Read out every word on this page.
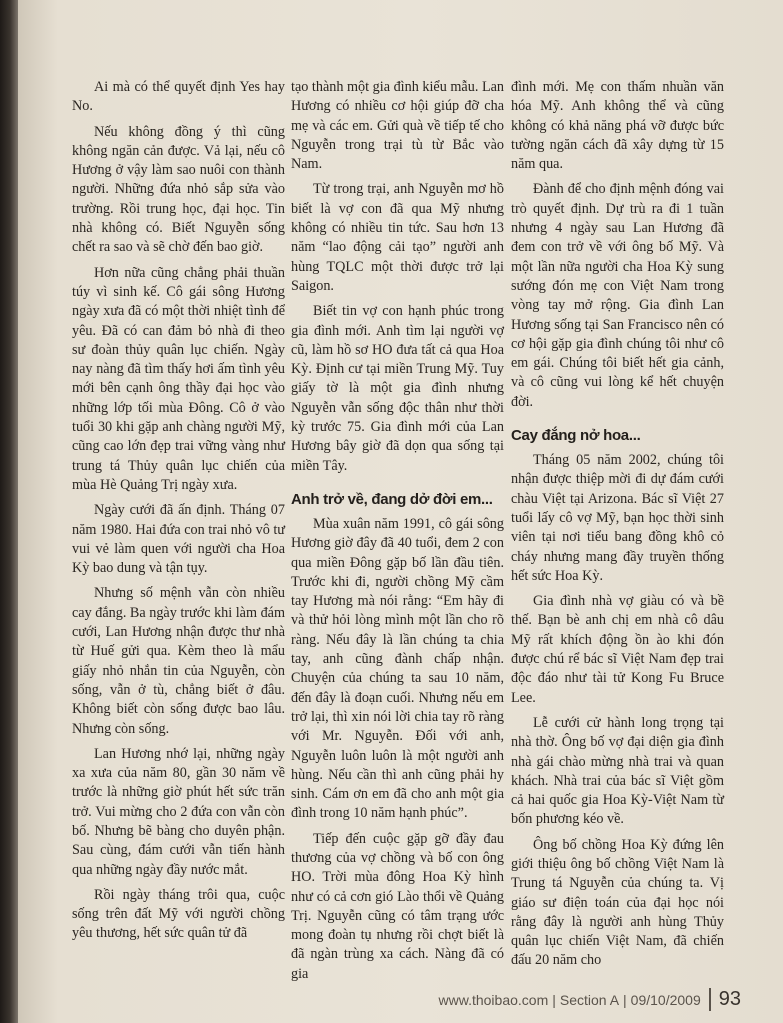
Ai mà có thể quyết định Yes hay No.

Nếu không đồng ý thì cũng không ngăn cản được. Vả lại, nếu cô Hương ở vậy làm sao nuôi con thành người. Những đứa nhỏ sắp sửa vào trường. Rồi trung học, đại học. Tin nhà không có. Biết Nguyễn sống chết ra sao và sẽ chờ đến bao giờ.

Hơn nữa cũng chẳng phải thuần túy vì sinh kế. Cô gái sông Hương ngày xưa đã có một thời nhiệt tình để yêu. Đã có can đảm bỏ nhà đi theo sư đoàn thủy quân lục chiến. Ngày nay nàng đã tìm thấy hơi ấm tình yêu mới bên cạnh ông thầy đại học vào những lớp tối mùa Đông. Cô ở vào tuổi 30 khi gặp anh chàng người Mỹ, cũng cao lớn đẹp trai vững vàng như trung tá Thủy quân lục chiến của mùa Hè Quảng Trị ngày xưa.

Ngày cưới đã ấn định. Tháng 07 năm 1980. Hai đứa con trai nhỏ vô tư vui vẻ làm quen với người cha Hoa Kỳ bao dung và tận tụy.

Nhưng số mệnh vẫn còn nhiều cay đắng. Ba ngày trước khi làm đám cưới, Lan Hương nhận được thư nhà từ Huế gửi qua. Kèm theo là mẩu giấy nhỏ nhắn tin của Nguyễn, còn sống, vẫn ở tù, chẳng biết ở đâu. Không biết còn sống được bao lâu. Nhưng còn sống.

Lan Hương nhớ lại, những ngày xa xưa của năm 80, gần 30 năm về trước là những giờ phút hết sức trăn trở. Vui mừng cho 2 đứa con vẫn còn bố. Nhưng bẽ bàng cho duyên phận. Sau cùng, đám cưới vẫn tiến hành qua những ngày đầy nước mắt.

Rồi ngày tháng trôi qua, cuộc sống trên đất Mỹ với người chồng yêu thương, hết sức quân tử đã

tạo thành một gia đình kiểu mẫu. Lan Hương có nhiều cơ hội giúp đỡ cha mẹ và các em. Gửi quà về tiếp tế cho Nguyễn trong trại tù từ Bắc vào Nam.

Từ trong trại, anh Nguyễn mơ hồ biết là vợ con đã qua Mỹ nhưng không có nhiều tin tức. Sau hơn 13 năm “lao động cải tạo” người anh hùng TQLC một thời được trở lại Saigon.

Biết tin vợ con hạnh phúc trong gia đình mới. Anh tìm lại người vợ cũ, làm hồ sơ HO đưa tất cả qua Hoa Kỳ. Định cư tại miền Trung Mỹ. Tuy giấy tờ là một gia đình nhưng Nguyễn vẫn sống độc thân như thời kỳ trước 75. Gia đình mới của Lan Hương bây giờ đã dọn qua sống tại miền Tây.

Anh trở về, đang dở đời em...

Mùa xuân năm 1991, cô gái sông Hương giờ đây đã 40 tuổi, đem 2 con qua miền Đông gặp bố lần đầu tiên. Trước khi đi, người chồng Mỹ cầm tay Hương mà nói rằng: “Em hãy đi và thử hỏi lòng mình một lần cho rõ ràng. Nếu đây là lần chúng ta chia tay, anh cũng đành chấp nhận. Chuyện của chúng ta sau 10 năm, đến đây là đoạn cuối. Nhưng nếu em trở lại, thì xin nói lời chia tay rõ ràng với Mr. Nguyễn. Đối với anh, Nguyễn luôn luôn là một người anh hùng. Nếu cần thì anh cũng phải hy sinh. Cám ơn em đã cho anh một gia đình trong 10 năm hạnh phúc”.

Tiếp đến cuộc gặp gỡ đầy đau thương của vợ chồng và bố con ông HO. Trời mùa đông Hoa Kỳ hình như có cả cơn gió Lào thổi về Quảng Trị. Nguyễn cũng có tâm trạng ước mong đoàn tụ nhưng rồi chợt biết là đã ngàn trùng xa cách. Nàng đã có gia

đình mới. Mẹ con thấm nhuần văn hóa Mỹ. Anh không thể và cũng không có khả năng phá vỡ được bức tường ngăn cách đã xây dựng từ 15 năm qua.

Đành để cho định mệnh đóng vai trò quyết định. Dự trù ra đi 1 tuần nhưng 4 ngày sau Lan Hương đã đem con trở về với ông bố Mỹ. Và một lần nữa người cha Hoa Kỳ sung sướng đón mẹ con Việt Nam trong vòng tay mở rộng. Gia đình Lan Hương sống tại San Francisco nên có cơ hội gặp gia đình chúng tôi như cô em gái. Chúng tôi biết hết gia cảnh, và cô cũng vui lòng kể hết chuyện đời.

Cay đắng nở hoa...

Tháng 05 năm 2002, chúng tôi nhận được thiệp mời đi dự đám cưới chàu Việt tại Arizona. Bác sĩ Việt 27 tuổi lấy cô vợ Mỹ, bạn học thời sinh viên tại nơi tiểu bang đồng khô cỏ cháy nhưng mang đầy truyền thống hết sức Hoa Kỳ.

Gia đình nhà vợ giàu có và bề thế. Bạn bè anh chị em nhà cô dâu Mỹ rất khích động ồn ào khi đón được chú rể bác sĩ Việt Nam đẹp trai độc đáo như tài tử Kong Fu Bruce Lee.

Lễ cưới cử hành long trọng tại nhà thờ. Ông bố vợ đại diện gia đình nhà gái chào mừng nhà trai và quan khách. Nhà trai của bác sĩ Việt gồm cả hai quốc gia Hoa Kỳ-Việt Nam từ bốn phương kéo về.

Ông bố chồng Hoa Kỳ đứng lên giới thiệu ông bố chồng Việt Nam là Trung tá Nguyễn của chúng ta. Vị giáo sư điện toán của đại học nói rằng đây là người anh hùng Thủy quân lục chiến Việt Nam, đã chiến đấu 20 năm cho

www.thoibao.com | Section A | 09/10/2009 93
